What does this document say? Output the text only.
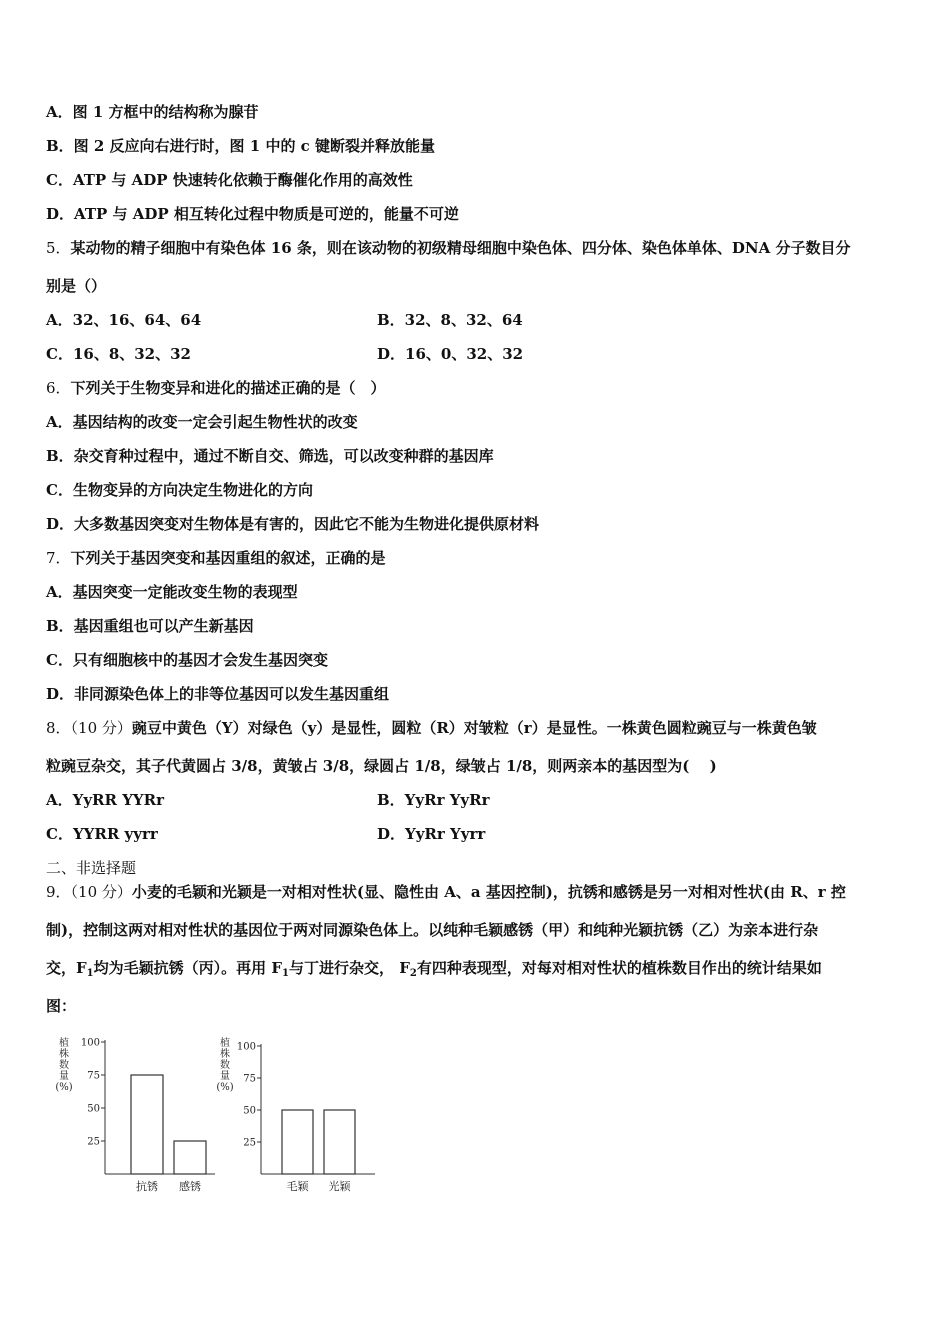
A．图 1 方框中的结构称为腺苷
B．图 2 反应向右进行时，图 1 中的 c 键断裂并释放能量
C．ATP 与 ADP 快速转化依赖于酶催化作用的高效性
D．ATP 与 ADP 相互转化过程中物质是可逆的，能量不可逆
5．某动物的精子细胞中有染色体 16 条，则在该动物的初级精母细胞中染色体、四分体、染色体单体、DNA 分子数目分
别是（）
A．32、16、64、64	B．32、8、32、64
C．16、8、32、32	D．16、0、32、32
6．下列关于生物变异和进化的描述正确的是（　）
A．基因结构的改变一定会引起生物性状的改变
B．杂交育种过程中，通过不断自交、筛选，可以改变种群的基因库
C．生物变异的方向决定生物进化的方向
D．大多数基因突变对生物体是有害的，因此它不能为生物进化提供原材料
7．下列关于基因突变和基因重组的叙述，正确的是
A．基因突变一定能改变生物的表现型
B．基因重组也可以产生新基因
C．只有细胞核中的基因才会发生基因突变
D．非同源染色体上的非等位基因可以发生基因重组
8．（10 分）豌豆中黄色（Y）对绿色（y）是显性，圆粒（R）对皱粒（r）是显性。一株黄色圆粒豌豆与一株黄色皱
粒豌豆杂交，其子代黄圆占 3/8，黄皱占 3/8，绿圆占 1/8，绿皱占 1/8，则两亲本的基因型为(　 )
A．YyRR YYRr	B．YyRr YyRr
C．YYRR yyrr	D．YyRr Yyrr
二、非选择题
9．（10 分）小麦的毛颖和光颖是一对相对性状(显、隐性由 A、a 基因控制)，抗锈和感锈是另一对相对性状(由 R、r 控
制)，控制这两对相对性状的基因位于两对同源染色体上。以纯种毛颖感锈（甲）和纯种光颖抗锈（乙）为亲本进行杂
交，$F_1$均为毛颖抗锈（丙）。再用 $F_1$与丁进行杂交， $F_2$有四种表现型，对每对相对性状的植株数目作出的统计结果如
图：
植
株
数
量
(%)
100
75
50
25
抗锈 感锈
植
株
数
量
(%)
100
75
50
25
毛颖 光颖
